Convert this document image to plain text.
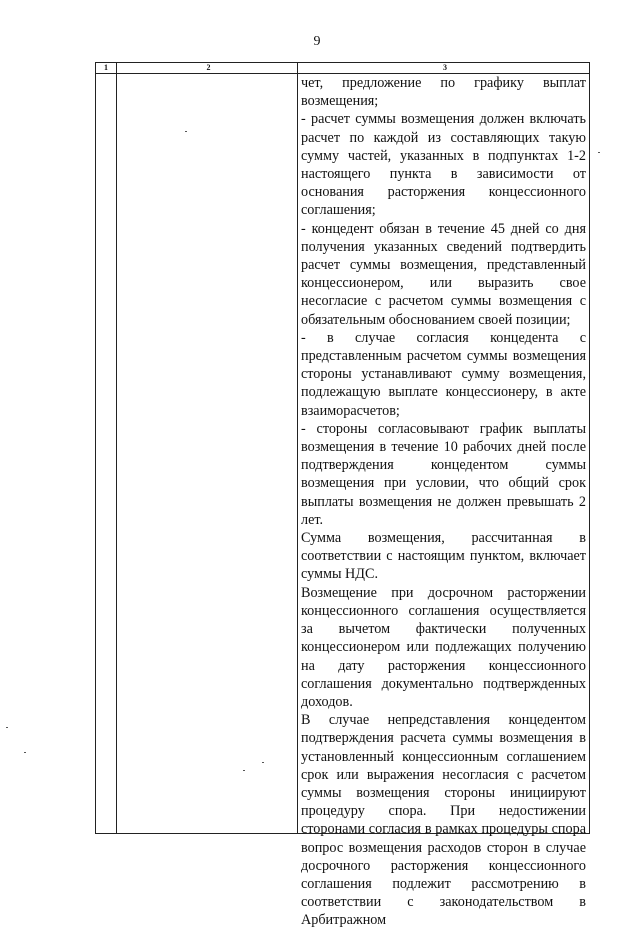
9
1	2	3

чет, предложение по графику выплат возмещения;

- расчет суммы возмещения должен включать расчет по каждой из составляющих такую сумму частей, указанных в подпунктах 1-2 настоящего пункта в зависимости от основания расторжения концессионного соглашения;

- концедент обязан в течение 45 дней со дня получения указанных сведений подтвердить расчет суммы возмещения, представленный концессионером, или выразить свое несогласие с расчетом суммы возмещения с обязательным обоснованием своей позиции;

- в случае согласия концедента с представленным расчетом суммы возмещения стороны устанавливают сумму возмещения, подлежащую выплате концессионеру, в акте взаиморасчетов;

- стороны согласовывают график выплаты возмещения в течение 10 рабочих дней после подтверждения концедентом суммы возмещения при условии, что общий срок выплаты возмещения не должен превышать 2 лет.

Сумма возмещения, рассчитанная в соответствии с настоящим пунктом, включает суммы НДС.

Возмещение при досрочном расторжении концессионного соглашения осуществляется за вычетом фактически полученных концессионером или подлежащих получению на дату расторжения концессионного соглашения документально подтвержденных доходов.

В случае непредставления концедентом подтверждения расчета суммы возмещения в установленный концессионным соглашением срок или выражения несогласия с расчетом суммы возмещения стороны инициируют процедуру спора. При недостижении сторонами согласия в рамках процедуры спора вопрос возмещения расходов сторон в случае досрочного расторжения концессионного соглашения подлежит рассмотрению в соответствии с законодательством в Арбитражном
